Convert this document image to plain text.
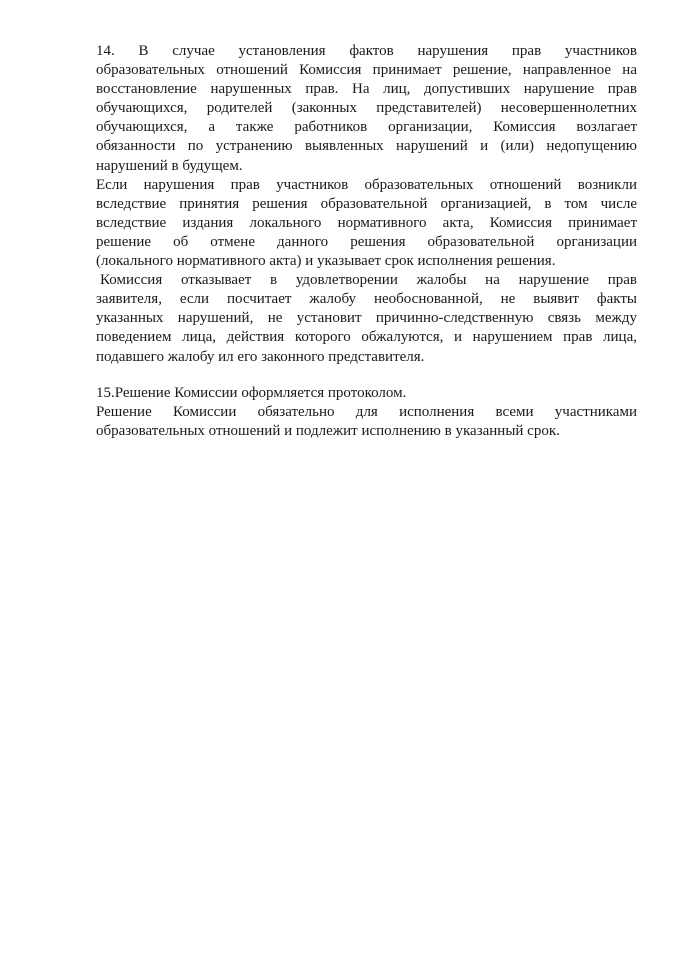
14. В случае установления фактов нарушения прав участников
образовательных отношений Комиссия принимает решение, направленное на
восстановление нарушенных прав. На лиц, допустивших нарушение прав
обучающихся, родителей (законных представителей) несовершеннолетних
обучающихся, а также работников организации, Комиссия возлагает
обязанности по устранению выявленных нарушений и (или) недопущению
нарушений в будущем.
Если нарушения прав участников образовательных отношений возникли
вследствие принятия решения образовательной организацией, в том числе
вследствие издания локального нормативного акта, Комиссия принимает
решение об отмене данного решения образовательной организации
(локального нормативного акта) и указывает срок исполнения решения.
Комиссия отказывает в удовлетворении жалобы на нарушение прав
заявителя, если посчитает жалобу необоснованной, не выявит факты
указанных нарушений, не установит причинно-следственную связь между
поведением лица, действия которого обжалуются, и нарушением прав лица,
подавшего жалобу ил его законного представителя.
15.Решение Комиссии оформляется протоколом.
Решение Комиссии обязательно для исполнения всеми участниками
образовательных отношений и подлежит исполнению в указанный срок.
